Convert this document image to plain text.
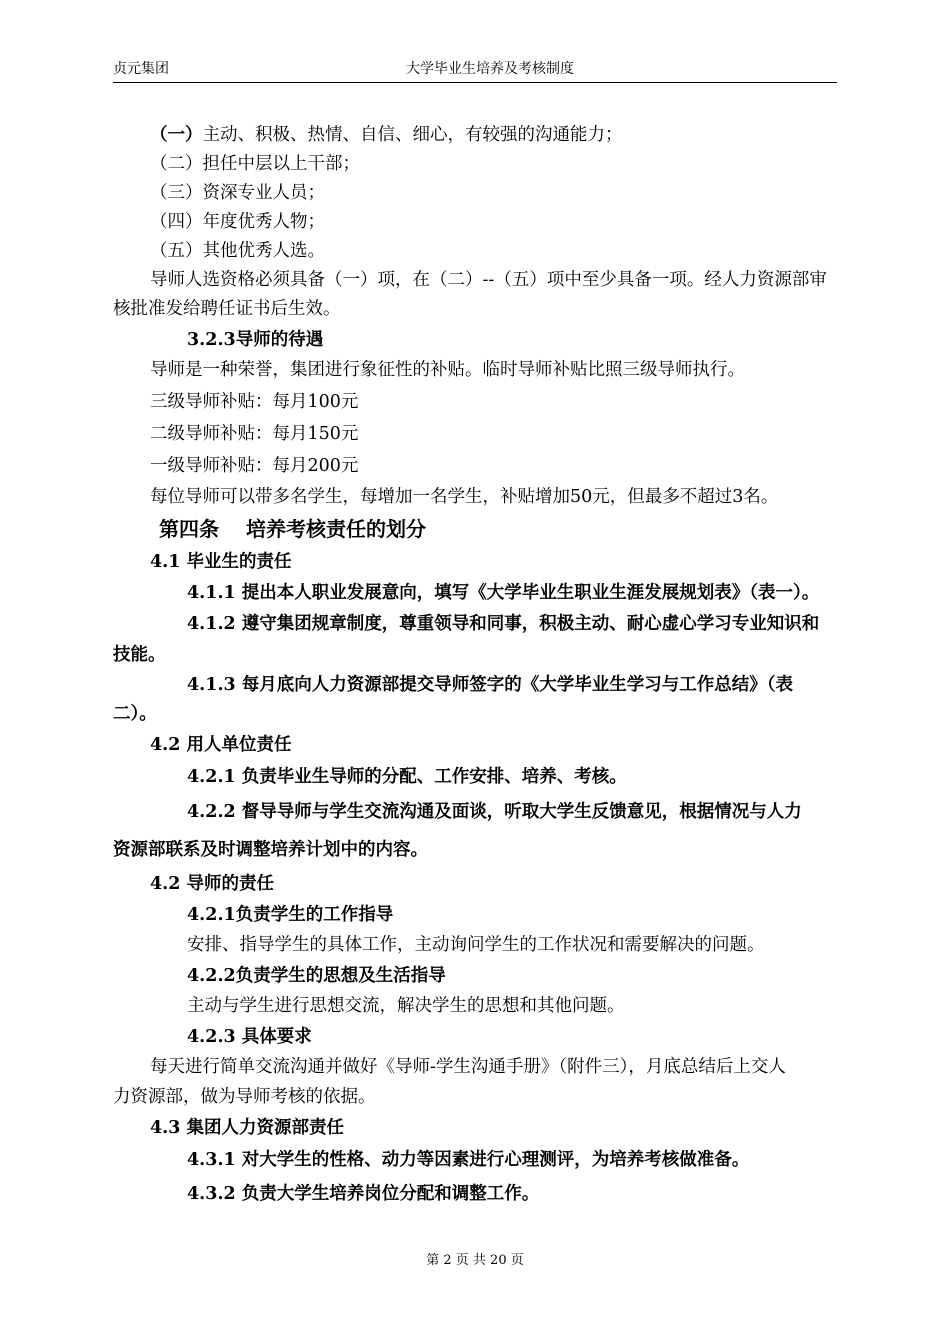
贞元集团	大学毕业生培养及考核制度
（一）主动、积极、热情、自信、细心，有较强的沟通能力；
（二）担任中层以上干部；
（三）资深专业人员；
（四）年度优秀人物；
（五）其他优秀人选。
导师人选资格必须具备（一）项，在（二）--（五）项中至少具备一项。经人力资源部审
核批准发给聘任证书后生效。
3.2.3导师的待遇
导师是一种荣誉，集团进行象征性的补贴。临时导师补贴比照三级导师执行。
三级导师补贴：每月100元
二级导师补贴：每月150元
一级导师补贴：每月200元
每位导师可以带多名学生，每增加一名学生，补贴增加50元，但最多不超过3名。
第四条　 培养考核责任的划分
4.1 毕业生的责任
4.1.1 提出本人职业发展意向，填写《大学毕业生职业生涯发展规划表》（表一）。
4.1.2 遵守集团规章制度，尊重领导和同事，积极主动、耐心虚心学习专业知识和
技能。
4.1.3 每月底向人力资源部提交导师签字的《大学毕业生学习与工作总结》（表
二）。
4.2 用人单位责任
4.2.1 负责毕业生导师的分配、工作安排、培养、考核。
4.2.2 督导导师与学生交流沟通及面谈，听取大学生反馈意见，根据情况与人力
资源部联系及时调整培养计划中的内容。
4.2 导师的责任
4.2.1负责学生的工作指导
安排、指导学生的具体工作，主动询问学生的工作状况和需要解决的问题。
4.2.2负责学生的思想及生活指导
主动与学生进行思想交流，解决学生的思想和其他问题。
4.2.3 具体要求
每天进行简单交流沟通并做好《导师-学生沟通手册》（附件三），月底总结后上交人
力资源部，做为导师考核的依据。
4.3 集团人力资源部责任
4.3.1 对大学生的性格、动力等因素进行心理测评，为培养考核做准备。
4.3.2 负责大学生培养岗位分配和调整工作。
第 2 页 共 20 页
